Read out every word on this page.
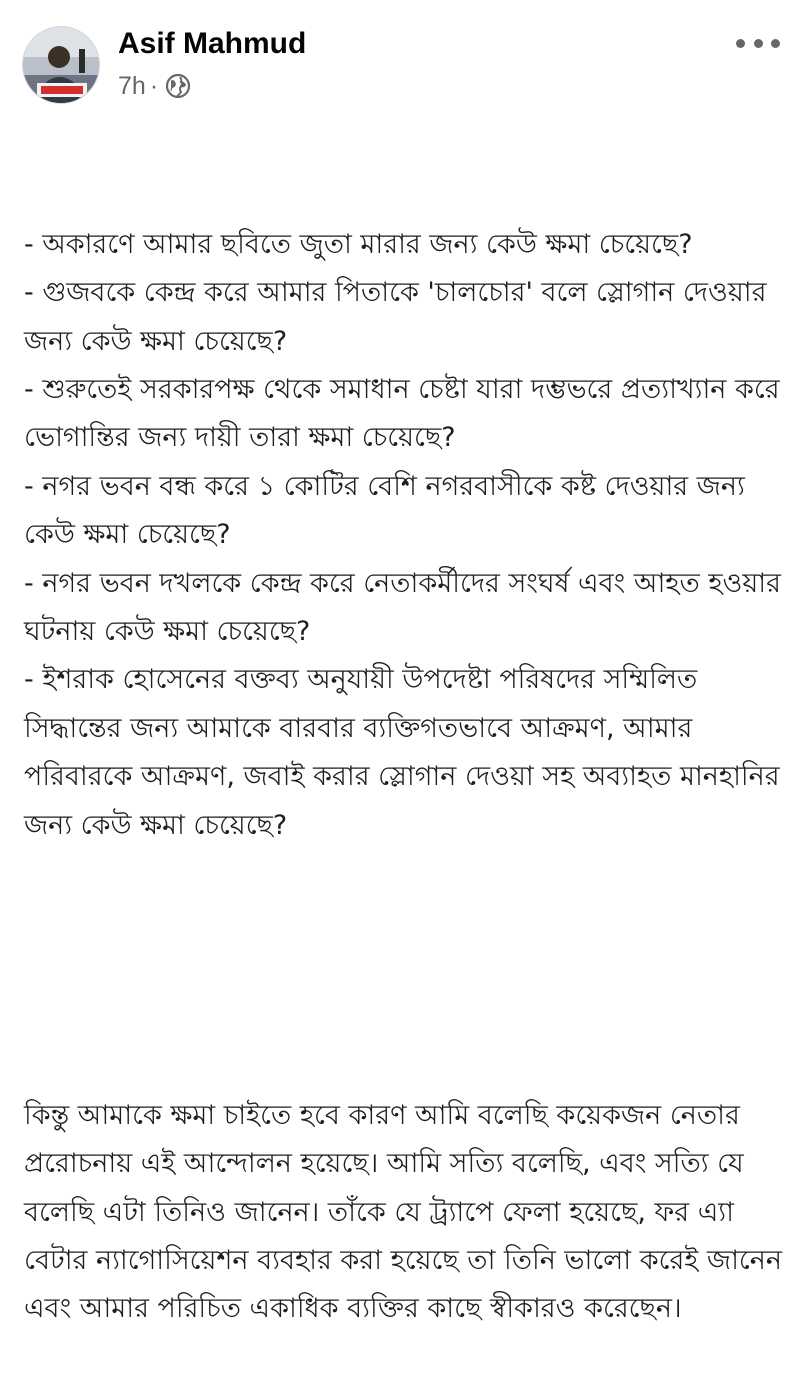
Asif Mahmud
7h ·

- অকারণে আমার ছবিতে জুতা মারার জন্য কেউ ক্ষমা চেয়েছে?
- গুজবকে কেন্দ্র করে আমার পিতাকে 'চালচোর' বলে স্লোগান দেওয়ার জন্য কেউ ক্ষমা চেয়েছে?
- শুরুতেই সরকারপক্ষ থেকে সমাধান চেষ্টা যারা দম্ভভরে প্রত্যাখ্যান করে ভোগান্তির জন্য দায়ী তারা ক্ষমা চেয়েছে?
- নগর ভবন বন্ধ করে ১ কোটির বেশি নগরবাসীকে কষ্ট দেওয়ার জন্য কেউ ক্ষমা চেয়েছে?
- নগর ভবন দখলকে কেন্দ্র করে নেতাকর্মীদের সংঘর্ষ এবং আহত হওয়ার ঘটনায় কেউ ক্ষমা চেয়েছে?
- ইশরাক হোসেনের বক্তব্য অনুযায়ী উপদেষ্টা পরিষদের সম্মিলিত সিদ্ধান্তের জন্য আমাকে বারবার ব্যক্তিগতভাবে আক্রমণ, আমার পরিবারকে আক্রমণ, জবাই করার স্লোগান দেওয়া সহ অব্যাহত মানহানির জন্য কেউ ক্ষমা চেয়েছে?

কিন্তু আমাকে ক্ষমা চাইতে হবে কারণ আমি বলেছি কয়েকজন নেতার প্ররোচনায় এই আন্দোলন হয়েছে। আমি সত্যি বলেছি, এবং সত্যি যে বলেছি এটা তিনিও জানেন। তাঁকে যে ট্র্যাপে ফেলা হয়েছে, ফর এ্যা বেটার ন্যাগোসিয়েশন ব্যবহার করা হয়েছে তা তিনি ভালো করেই জানেন এবং আমার পরিচিত একাধিক ব্যক্তির কাছে স্বীকারও করেছেন।
